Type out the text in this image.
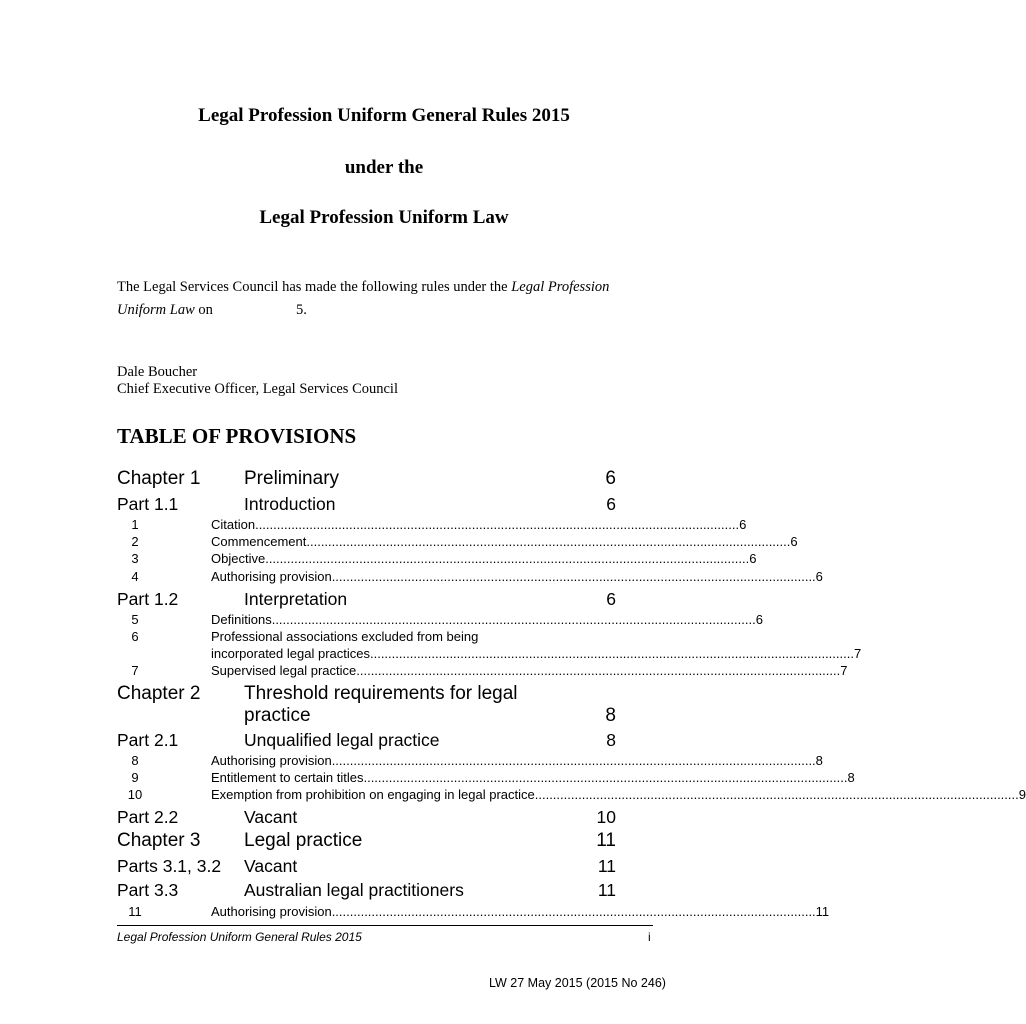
Legal Profession Uniform General Rules 2015
under the
Legal Profession Uniform Law
The Legal Services Council has made the following rules under the Legal Profession
Uniform Law on	5.
Dale Boucher
Chief Executive Officer, Legal Services Council
TABLE OF PROVISIONS
Chapter 1	Preliminary	6
Part 1.1	Introduction	6
1	Citation ...................................................................................................................................... 6
2	Commencement ...................................................................................................................................... 6
3	Objective ...................................................................................................................................... 6
4	Authorising provision ...................................................................................................................................... 6
Part 1.2	Interpretation	6
5	Definitions ...................................................................................................................................... 6
6	Professional associations excluded from being
incorporated legal practices ...................................................................................................................................... 7
7	Supervised legal practice ...................................................................................................................................... 7
Chapter 2	Threshold requirements for legal
practice	8
Part 2.1	Unqualified legal practice	8
8	Authorising provision ...................................................................................................................................... 8
9	Entitlement to certain titles ...................................................................................................................................... 8
10	Exemption from prohibition on engaging in legal practice ...................................................................................................................................... 9
Part 2.2	Vacant	10
Chapter 3	Legal practice	11
Parts 3.1, 3.2	Vacant	11
Part 3.3	Australian legal practitioners	11
11	Authorising provision ...................................................................................................................................... 11
Legal Profession Uniform General Rules 2015	i
LW 27 May 2015 (2015 No 246)
